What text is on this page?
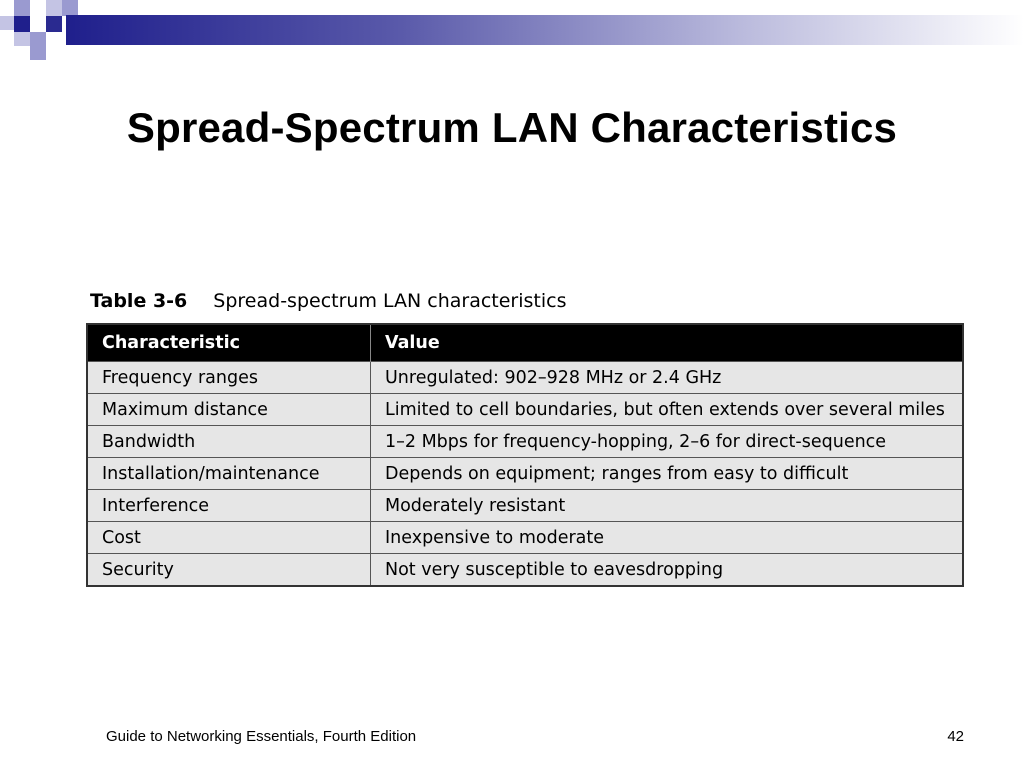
Spread-Spectrum LAN Characteristics
Table 3-6 Spread-spectrum LAN characteristics
Characteristic	Value
Frequency ranges	Unregulated: 902–928 MHz or 2.4 GHz
Maximum distance	Limited to cell boundaries, but often extends over several miles
Bandwidth	1–2 Mbps for frequency-hopping, 2–6 for direct-sequence
Installation/maintenance	Depends on equipment; ranges from easy to difficult
Interference	Moderately resistant
Cost	Inexpensive to moderate
Security	Not very susceptible to eavesdropping
Guide to Networking Essentials, Fourth Edition	42
